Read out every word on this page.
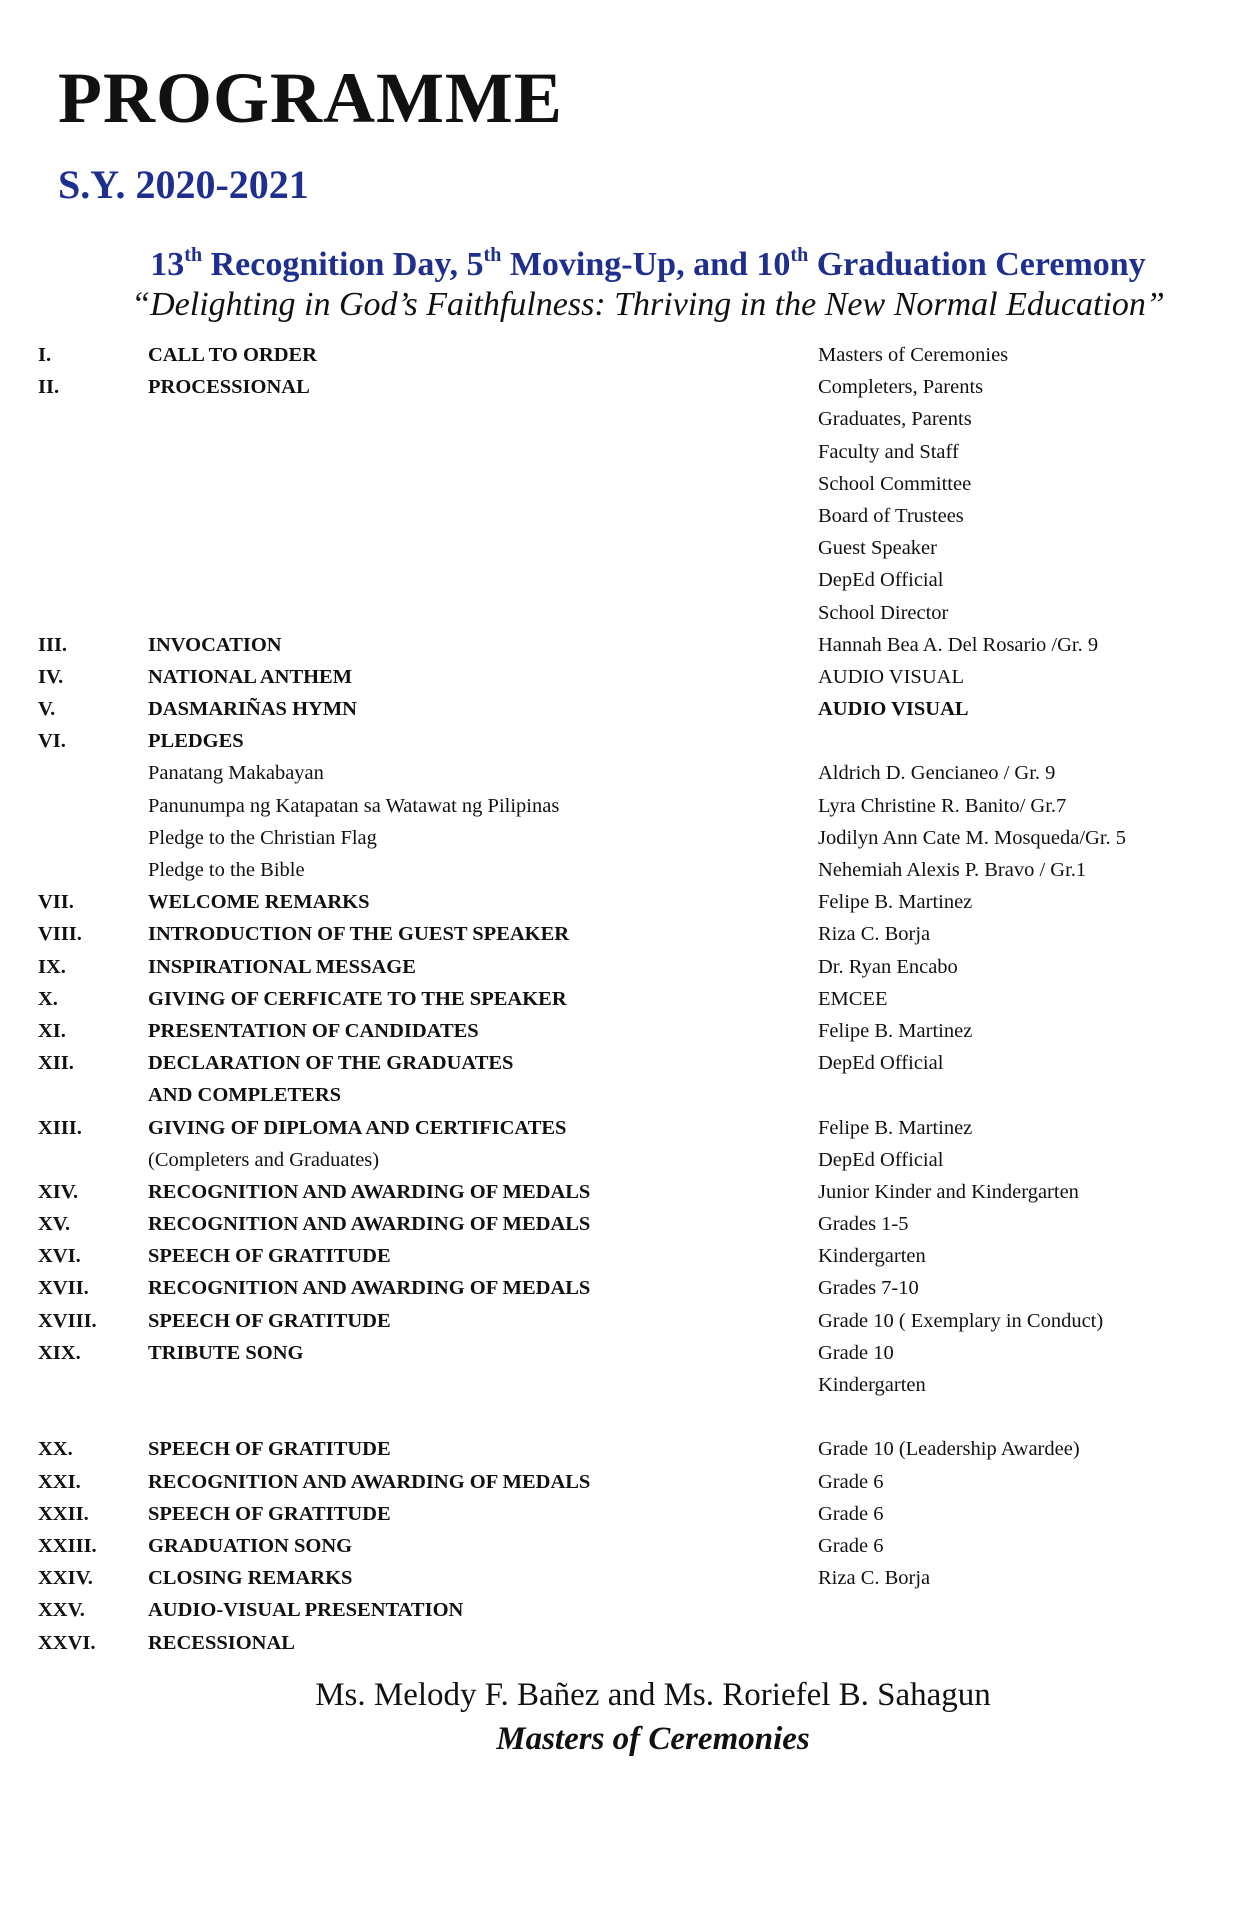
PROGRAMME
S.Y. 2020-2021
13th Recognition Day, 5th Moving-Up, and 10th Graduation Ceremony
“Delighting in God’s Faithfulness: Thriving in the New Normal Education”
I.	CALL TO ORDER	Masters of Ceremonies
II.	PROCESSIONAL	Completers, Parents
Graduates, Parents
Faculty and Staff
School Committee
Board of Trustees
Guest Speaker
DepEd Official
School Director
III.	INVOCATION	Hannah Bea A. Del Rosario /Gr. 9
IV.	NATIONAL ANTHEM	AUDIO VISUAL
V.	DASMARIÑAS HYMN	AUDIO VISUAL
VI.	PLEDGES
Panatang Makabayan	Aldrich D. Gencianeo / Gr. 9
Panunumpa ng Katapatan sa Watawat ng Pilipinas	Lyra Christine R. Banito/ Gr.7
Pledge to the Christian Flag	Jodilyn Ann Cate M. Mosqueda/Gr. 5
Pledge to the Bible	Nehemiah Alexis P. Bravo / Gr.1
VII.	WELCOME REMARKS	Felipe B. Martinez
VIII.	INTRODUCTION OF THE GUEST SPEAKER	Riza C. Borja
IX.	INSPIRATIONAL MESSAGE	Dr. Ryan Encabo
X.	GIVING OF CERFICATE TO THE SPEAKER	EMCEE
XI.	PRESENTATION OF CANDIDATES	Felipe B. Martinez
XII.	DECLARATION OF THE GRADUATES	DepEd Official
AND COMPLETERS
XIII.	GIVING OF DIPLOMA AND CERTIFICATES	Felipe B. Martinez
(Completers and Graduates)	DepEd Official
XIV.	RECOGNITION AND AWARDING OF MEDALS	Junior Kinder and Kindergarten
XV.	RECOGNITION AND AWARDING OF MEDALS	Grades 1-5
XVI.	SPEECH OF GRATITUDE	Kindergarten
XVII.	RECOGNITION AND AWARDING OF MEDALS	Grades 7-10
XVIII.	SPEECH OF GRATITUDE	Grade 10 ( Exemplary in Conduct)
XIX.	TRIBUTE SONG	Grade 10
Kindergarten
XX.	SPEECH OF GRATITUDE	Grade 10 (Leadership Awardee)
XXI.	RECOGNITION AND AWARDING OF MEDALS	Grade 6
XXII.	SPEECH OF GRATITUDE	Grade 6
XXIII.	GRADUATION SONG	Grade 6
XXIV.	CLOSING REMARKS	Riza C. Borja
XXV.	AUDIO-VISUAL PRESENTATION
XXVI.	RECESSIONAL
Ms. Melody F. Bañez and Ms. Roriefel B. Sahagun
Masters of Ceremonies
